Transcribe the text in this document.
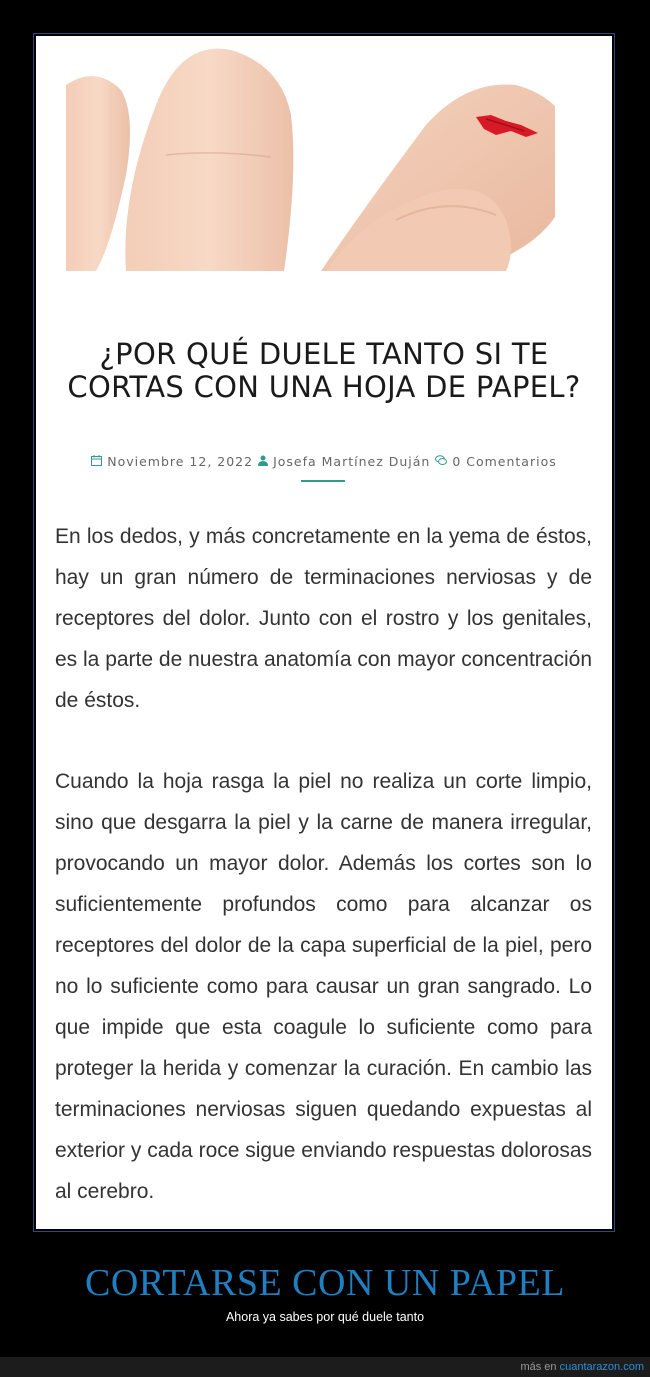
¿POR QUÉ DUELE TANTO SI TE CORTAS CON UNA HOJA DE PAPEL?
Noviembre 12, 2022 Josefa Martínez Duján 0 Comentarios

En los dedos, y más concretamente en la yema de éstos, hay un gran número de terminaciones nerviosas y de receptores del dolor. Junto con el rostro y los genitales, es la parte de nuestra anatomía con mayor concentración de éstos.

Cuando la hoja rasga la piel no realiza un corte limpio, sino que desgarra la piel y la carne de manera irregular, provocando un mayor dolor. Además los cortes son lo suficientemente profundos como para alcanzar os receptores del dolor de la capa superficial de la piel, pero no lo suficiente como para causar un gran sangrado. Lo que impide que esta coagule lo suficiente como para proteger la herida y comenzar la curación. En cambio las terminaciones nerviosas siguen quedando expuestas al exterior y cada roce sigue enviando respuestas dolorosas al cerebro.

CORTARSE CON UN PAPEL
Ahora ya sabes por qué duele tanto
más en cuantarazon.com
